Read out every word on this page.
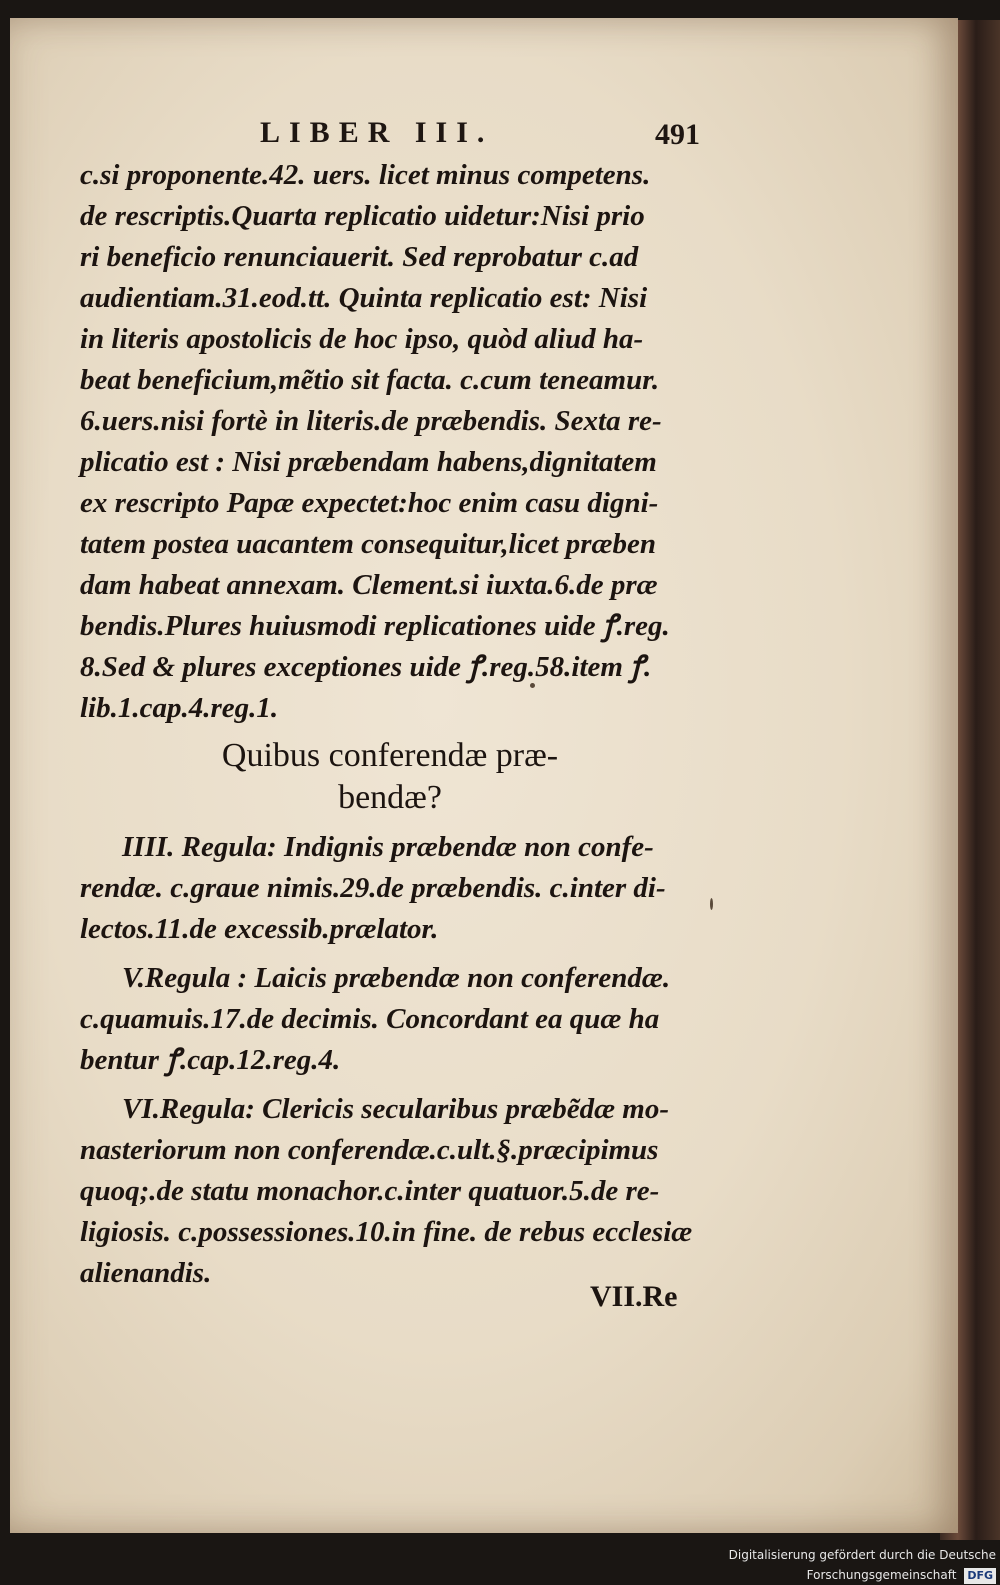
LIBER III.	491
c.si proponente.42. uers. licet minus competens.
de rescriptis.Quarta replicatio uidetur:Nisi prio
ri beneficio renunciauerit. Sed reprobatur c.ad
audientiam.31.eod.tt. Quinta replicatio est: Nisi
in literis apostolicis de hoc ipso, quòd aliud ha-
beat beneficium,mẽtio sit facta. c.cum teneamur.
6.uers.nisi fortè in literis.de præbendis. Sexta re-
plicatio est : Nisi præbendam habens,dignitatem
ex rescripto Papæ expectet:hoc enim casu digni-
tatem postea uacantem consequitur,licet præben
dam habeat annexam. Clement.si iuxta.6.de præ
bendis.Plures huiusmodi replicationes uide ꝭ.reg.
8.Sed & plures exceptiones uide ꝭ.reg.58.item ꝭ.
lib.1.cap.4.reg.1.
Quibus conferendæ præ-
bendæ?
IIII. Regula: Indignis præbendæ non confe-
rendæ. c.graue nimis.29.de præbendis. c.inter di-
lectos.11.de excessib.prælator.
V.Regula : Laicis præbendæ non conferendæ.
c.quamuis.17.de decimis. Concordant ea quæ ha
bentur ꝭ.cap.12.reg.4.
VI.Regula: Clericis secularibus præbẽdæ mo-
nasteriorum non conferendæ.c.ult.§.præcipimus
quoq;.de statu monachor.c.inter quatuor.5.de re-
ligiosis. c.possessiones.10.in fine. de rebus ecclesiæ
alienandis.
VII.Re
Digitalisierung gefördert durch die Deutsche Forschungsgemeinschaft DFG
